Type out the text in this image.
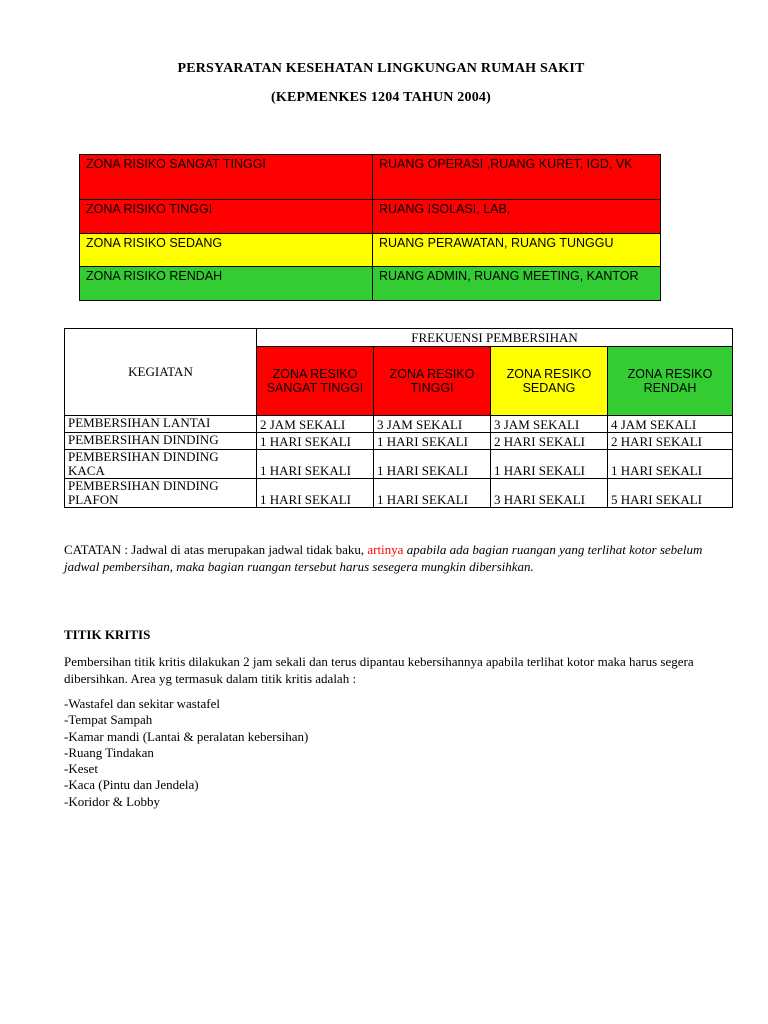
PERSYARATAN KESEHATAN LINGKUNGAN RUMAH SAKIT
(KEPMENKES 1204 TAHUN 2004)
ZONA RISIKO SANGAT TINGGI	RUANG OPERASI ,RUANG KURET, IGD, VK
ZONA RISIKO TINGGI	RUANG ISOLASI, LAB,
ZONA RISIKO SEDANG	RUANG PERAWATAN, RUANG TUNGGU
ZONA RISIKO RENDAH	RUANG ADMIN, RUANG MEETING, KANTOR
KEGIATAN	FREKUENSI PEMBERSIHAN			
	ZONA RESIKO SANGAT TINGGI	ZONA RESIKO TINGGI	ZONA RESIKO SEDANG	ZONA RESIKO RENDAH
PEMBERSIHAN LANTAI	2 JAM SEKALI	3 JAM SEKALI	3 JAM SEKALI	4 JAM SEKALI
PEMBERSIHAN DINDING	1 HARI SEKALI	1 HARI SEKALI	2 HARI SEKALI	2 HARI SEKALI
PEMBERSIHAN DINDING KACA	1 HARI SEKALI	1 HARI SEKALI	1 HARI SEKALI	1 HARI SEKALI
PEMBERSIHAN DINDING PLAFON	1 HARI SEKALI	1 HARI SEKALI	3 HARI SEKALI	5 HARI SEKALI
CATATAN : Jadwal di atas merupakan jadwal tidak baku, artinya apabila ada bagian ruangan yang terlihat kotor sebelum jadwal pembersihan, maka bagian ruangan tersebut harus sesegera mungkin dibersihkan.
TITIK KRITIS
Pembersihan titik kritis dilakukan 2 jam sekali dan terus dipantau kebersihannya apabila terlihat kotor maka harus segera dibersihkan. Area yg termasuk dalam titik kritis adalah :
-Wastafel dan sekitar wastafel
-Tempat Sampah
-Kamar mandi (Lantai & peralatan kebersihan)
-Ruang Tindakan
-Keset
-Kaca (Pintu dan Jendela)
-Koridor & Lobby
